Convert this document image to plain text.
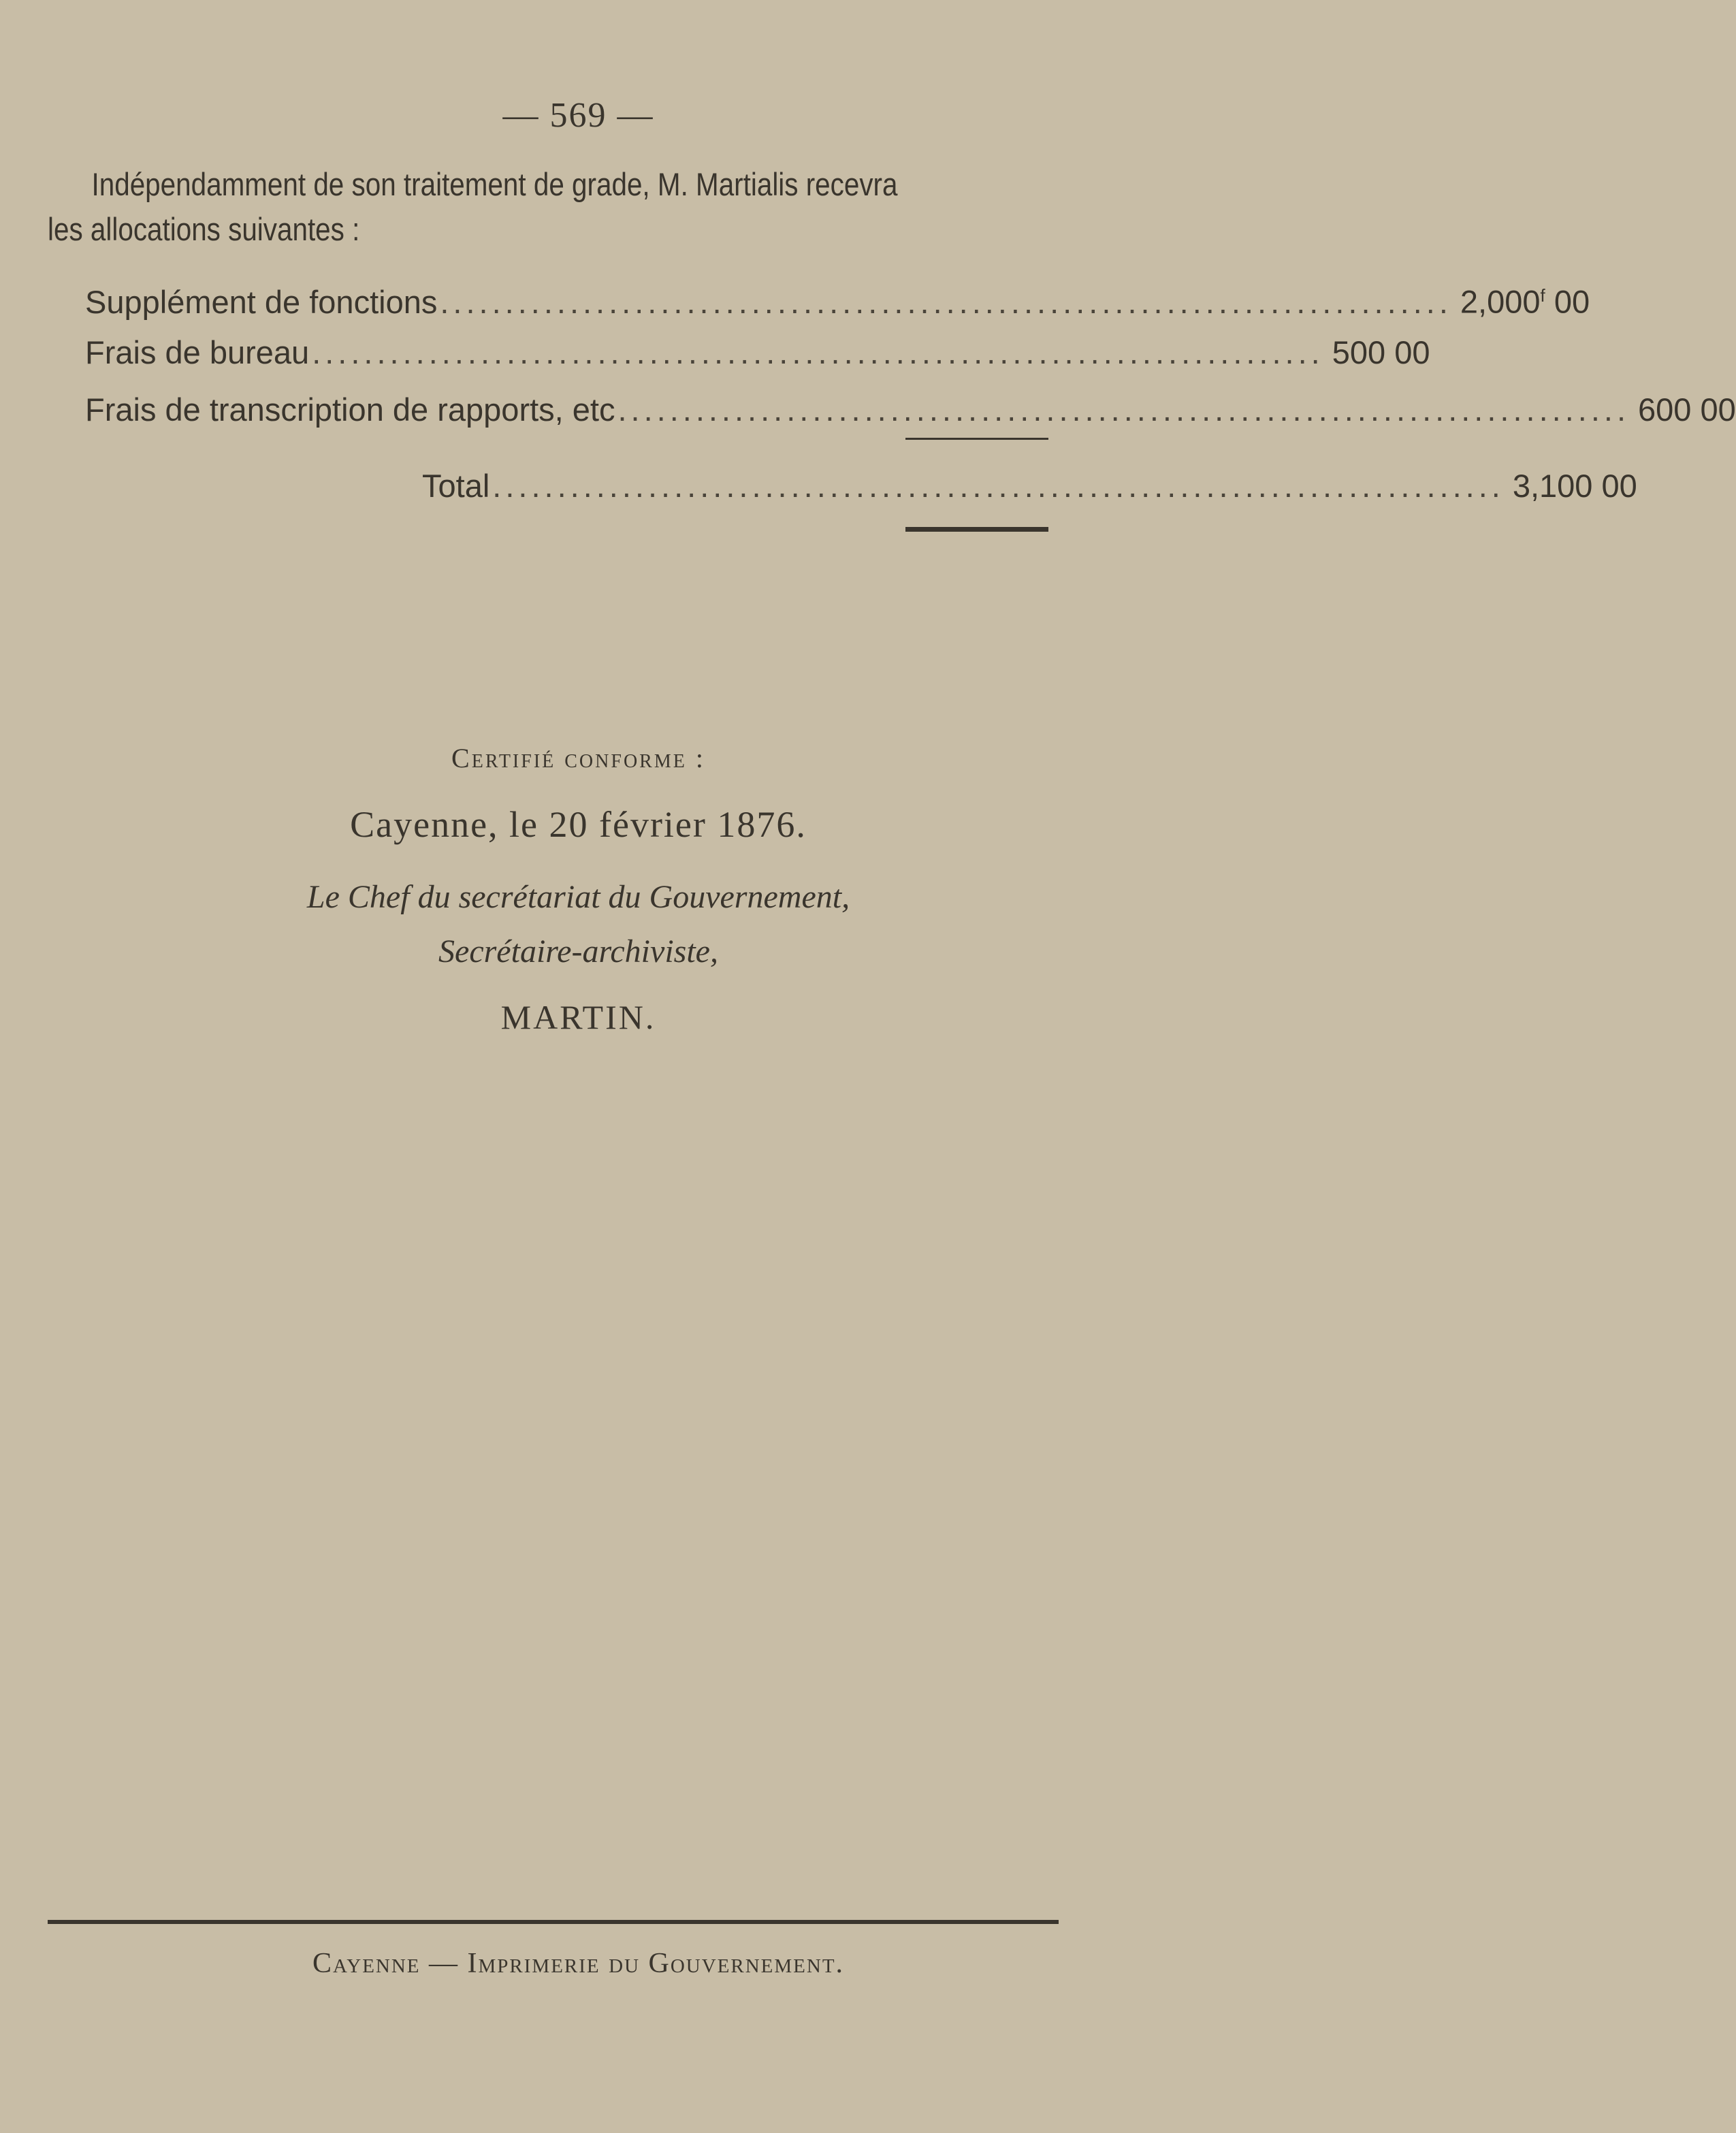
— 569 —
Indépendamment de son traitement de grade, M. Martialis recevra les allocations suivantes :
Supplément de fonctions .............................................................................. 2,000$^f$ 00
Frais de bureau .............................................................................. 500 00
Frais de transcription de rapports, etc .............................................................................. 600 00
Total .............................................................................. 3,100 00
Certifié conforme :
Cayenne, le 20 février 1876.
Le Chef du secrétariat du Gouvernement,
Secrétaire-archiviste,
MARTIN.
Cayenne — Imprimerie du Gouvernement.
